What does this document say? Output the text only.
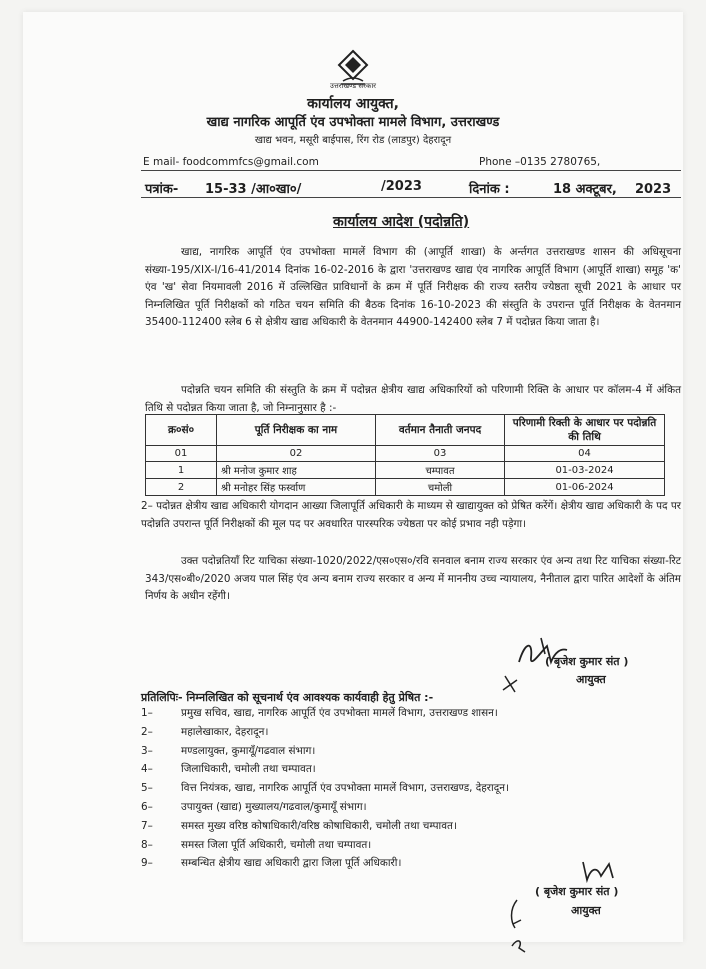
उत्तराखण्ड सरकार
कार्यालय आयुक्त,
खाद्य नागरिक आपूर्ति एंव उपभोक्ता मामले विभाग, उत्तराखण्ड
खाद्य भवन, मसूरी बाईपास, रिंग रोड (लाडपुर) देहरादून
E mail- foodcommfcs@gmail.com	Phone –0135 2780765,
पत्रांक- 15-33 /आ०खा०/	/2023	दिनांक :	18 अक्टूबर,    2023
कार्यालय आदेश (पदोन्नति)
खाद्य, नागरिक आपूर्ति एंव उपभोक्ता मामलें विभाग की (आपूर्ति शाखा) के अर्न्तगत उत्तराखण्ड शासन की अधिसूचना संख्या-195/XIX-I/16-41/2014 दिनांक 16-02-2016 के द्वारा 'उत्तराखण्ड खाद्य एंव नागरिक आपूर्ति विभाग (आपूर्ति शाखा) समूह 'क' एंव 'ख' सेवा नियमावली 2016 में उल्लिखित प्राविधानों के क्रम में पूर्ति निरीक्षक की राज्य स्तरीय ज्येष्ठता सूची 2021 के आधार पर निम्नलिखित पूर्ति निरीक्षकों को गठित चयन समिति की बैठक दिनांक 16-10-2023 की संस्तुति के उपरान्त पूर्ति निरीक्षक के वेतनमान 35400-112400 स्लेब 6 से क्षेत्रीय खाद्य अधिकारी के वेतनमान 44900-142400 स्लेब 7 में पदोन्नत किया जाता है।
पदोन्नति चयन समिति की संस्तुति के क्रम में पदोन्नत क्षेत्रीय खाद्य अधिकारियों को परिणामी रिक्ति के आधार पर कॉलम-4 में अंकित तिथि से पदोन्नत किया जाता है, जो निम्नानुसार है :-
क्र०सं०	पूर्ति निरीक्षक का नाम	वर्तमान तैनाती जनपद	परिणामी रिक्ती के आधार पर पदोन्नति की तिथि
01	02	03	04
1	श्री मनोज कुमार शाह	चम्पावत	01-03-2024
2	श्री मनोहर सिंह फर्स्वाण	चमोली	01-06-2024
2– पदोन्नत क्षेत्रीय खाद्य अधिकारी योगदान आख्या जिलापूर्ति अधिकारी के माध्यम से खाद्यायुक्त को प्रेषित करेंगें। क्षेत्रीय खाद्य अधिकारी के पद पर पदोन्नति उपरान्त पूर्ति निरीक्षकों की मूल पद पर अवधारित पारस्परिक ज्येष्ठता पर कोई प्रभाव नही पड़ेगा।
उक्त पदोन्नतियॉं रिट याचिका संख्या-1020/2022/एस०एस०/रवि सनवाल बनाम राज्य सरकार एंव अन्य तथा रिट याचिका संख्या-रिट 343/एस०बी०/2020 अजय पाल सिंह एंव अन्य बनाम राज्य सरकार व अन्य में माननीय उच्च न्यायालय, नैनीताल द्वारा पारित आदेशों के अंतिम निर्णय के अधीन रहेंगी।
( बृजेश कुमार संत )
आयुक्त
प्रतिलिपिः- निम्नलिखित को सूचनार्थ एंव आवश्यक कार्यवाही हेतु प्रेषित :-
1–	प्रमुख सचिव, खाद्य, नागरिक आपूर्ति एंव उपभोक्ता मामलें विभाग, उत्तराखण्ड शासन।
2–	महालेखाकार, देहरादून।
3–	मण्डलायुक्त, कुमायूॅं/गढवाल संभाग।
4–	जिलाधिकारी, चमोली तथा चम्पावत।
5–	वित्त नियंत्रक, खाद्य, नागरिक आपूर्ति एंव उपभोक्ता मामलें विभाग, उत्तराखण्ड, देहरादून।
6–	उपायुक्त (खाद्य) मुख्यालय/गढवाल/कुमायूॅं संभाग।
7–	समस्त मुख्य वरिष्ठ कोषाधिकारी/वरिष्ठ कोषाधिकारी, चमोली तथा चम्पावत।
8–	समस्त जिला पूर्ति अधिकारी, चमोली तथा चम्पावत।
9–	सम्बन्धित क्षेत्रीय खाद्य अधिकारी द्वारा जिला पूर्ति अधिकारी।
( बृजेश कुमार संत )
आयुक्त
